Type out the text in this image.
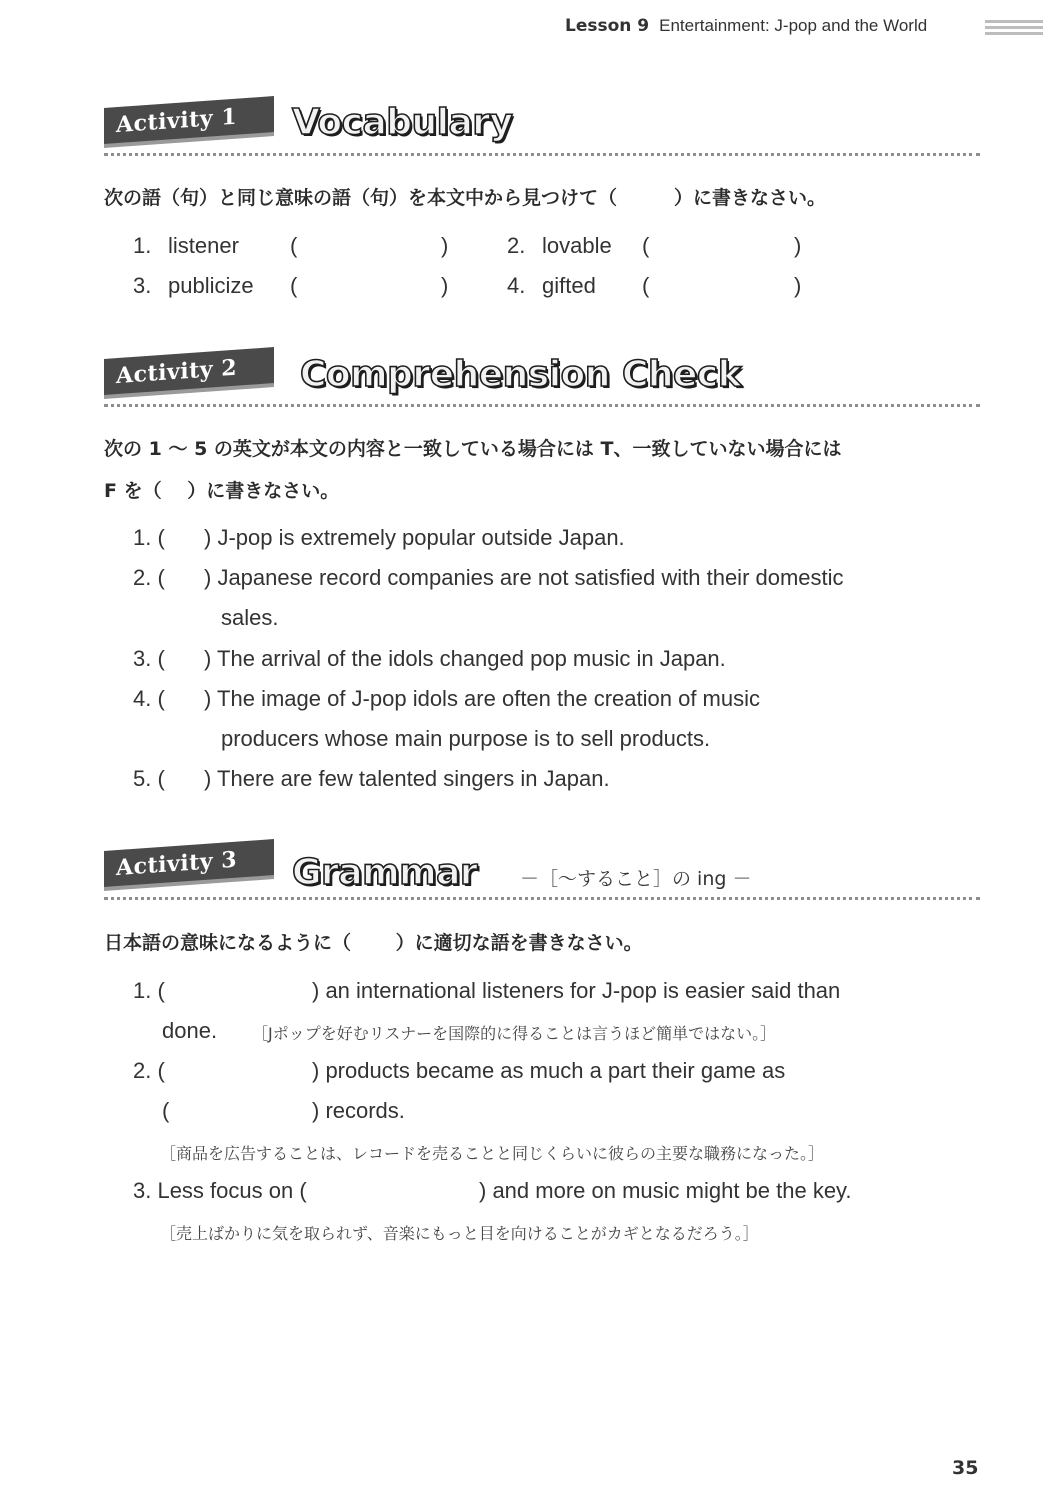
Lesson 9 Entertainment: J-pop and the World
Activity 1	Vocabulary
次の語（句）と同じ意味の語（句）を本文中から見つけて（　　　）に書きなさい。
1. listener (	)	2. lovable (	)
3. publicize (	)	4. gifted (	)
Activity 2	Comprehension Check
次の 1 ～ 5 の英文が本文の内容と一致している場合には T、一致していない場合には
F を（　 ）に書きなさい。
1. ( ) J-pop is extremely popular outside Japan.
2. ( ) Japanese record companies are not satisfied with their domestic
sales.
3. ( ) The arrival of the idols changed pop music in Japan.
4. ( ) The image of J-pop idols are often the creation of music
producers whose main purpose is to sell products.
5. ( ) There are few talented singers in Japan.
Activity 3	Grammar －［～すること］の ing －
日本語の意味になるように（　　 ）に適切な語を書きなさい。
1. (	) an international listeners for J-pop is easier said than
done. ［Jポップを好むリスナーを国際的に得ることは言うほど簡単ではない。］
2. (	) products became as much a part their game as
(	) records.
［商品を広告することは、レコードを売ることと同じくらいに彼らの主要な職務になった。］
3. Less focus on (	) and more on music might be the key.
［売上ばかりに気を取られず、音楽にもっと目を向けることがカギとなるだろう。］
35
